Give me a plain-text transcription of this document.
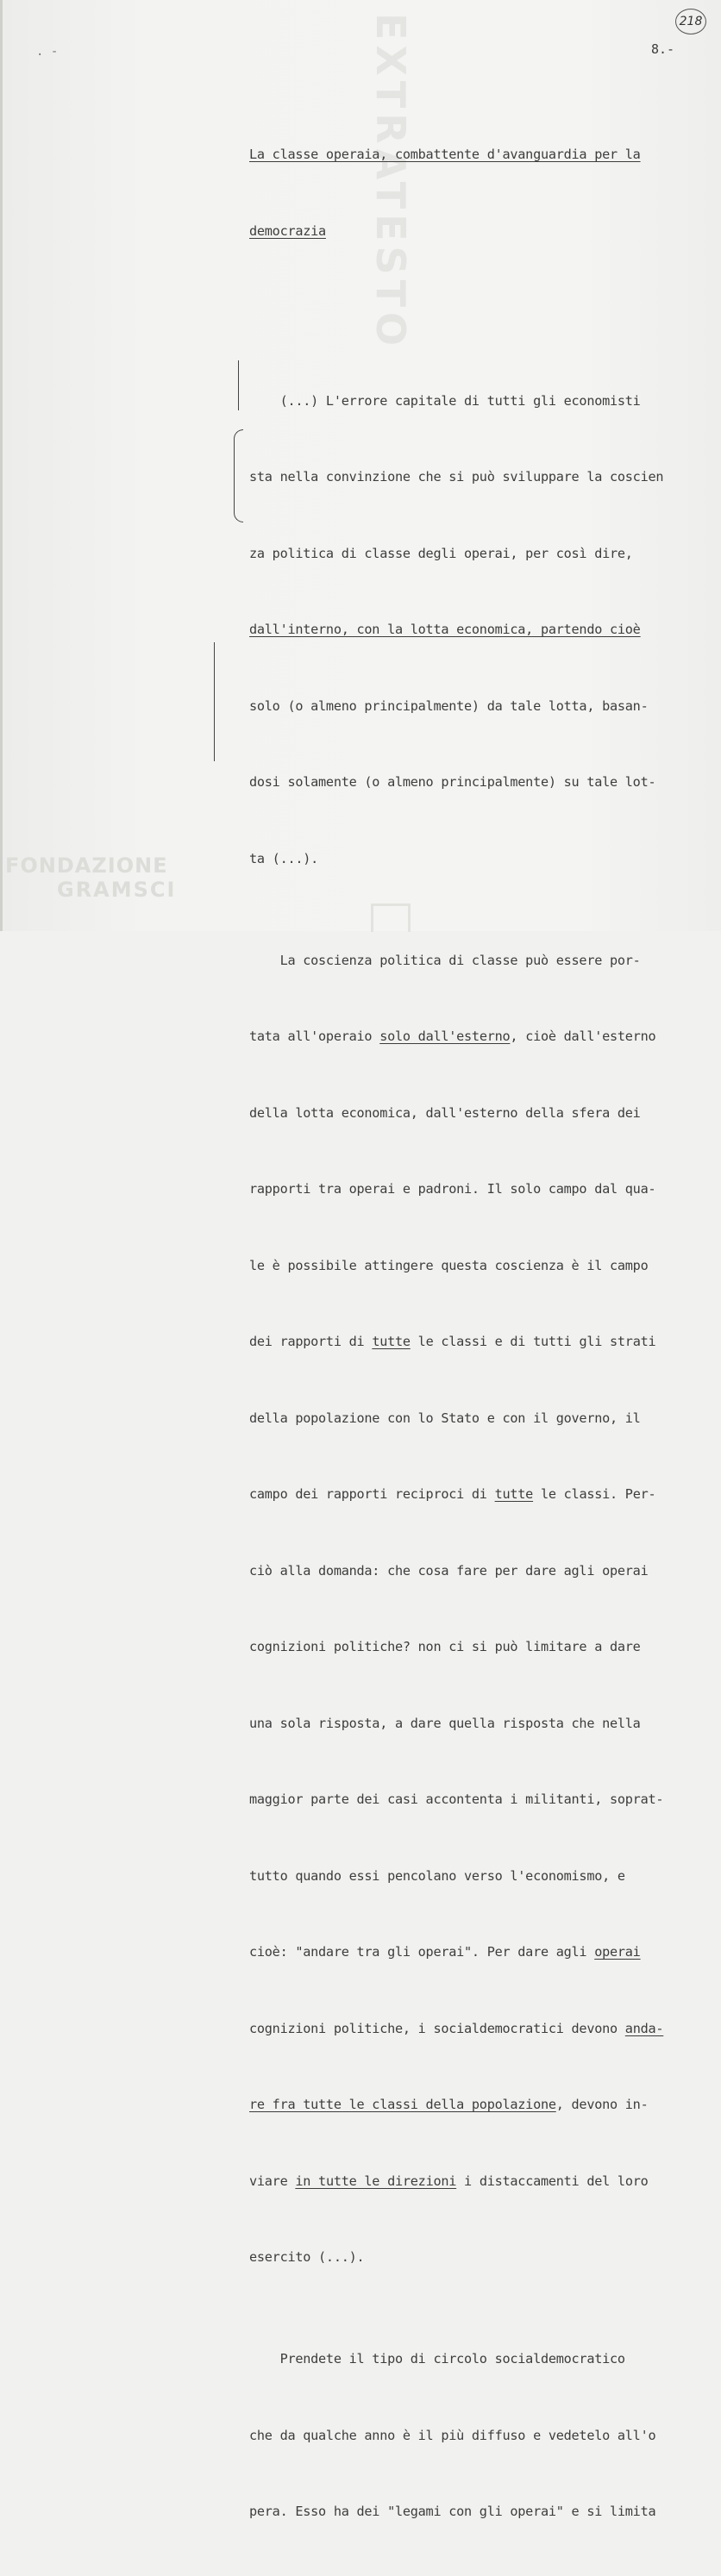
EXTRATESTO	218
. -	8.-

La classe operaia, combattente d'avanguardia per la

democrazia

(...) L'errore capitale di tutti gli economisti

sta nella convinzione che si può sviluppare la coscien

za politica di classe degli operai, per così dire,

dall'interno, con la lotta economica, partendo cioè

solo (o almeno principalmente) da tale lotta, basan-

dosi solamente (o almeno principalmente) su tale lot-

ta (...).

La coscienza politica di classe può essere por-

tata all'operaio solo dall'esterno, cioè dall'esterno

della lotta economica, dall'esterno della sfera dei

rapporti tra operai e padroni. Il solo campo dal qua-

le è possibile attingere questa coscienza è il campo

dei rapporti di tutte le classi e di tutti gli strati

della popolazione con lo Stato e con il governo, il

campo dei rapporti reciproci di tutte le classi. Per-

ciò alla domanda: che cosa fare per dare agli operai

cognizioni politiche? non ci si può limitare a dare

una sola risposta, a dare quella risposta che nella

maggior parte dei casi accontenta i militanti, soprat-

tutto quando essi pencolano verso l'economismo, e

cioè: "andare tra gli operai". Per dare agli operai

cognizioni politiche, i socialdemocratici devono anda-

re fra tutte le classi della popolazione, devono in-

viare in tutte le direzioni i distaccamenti del loro

esercito (...).

Prendete il tipo di circolo socialdemocratico

che da qualche anno è il più diffuso e vedetelo all'o

pera. Esso ha dei "legami con gli operai" e si limita

FONDAZIONE
GRAMSCI
